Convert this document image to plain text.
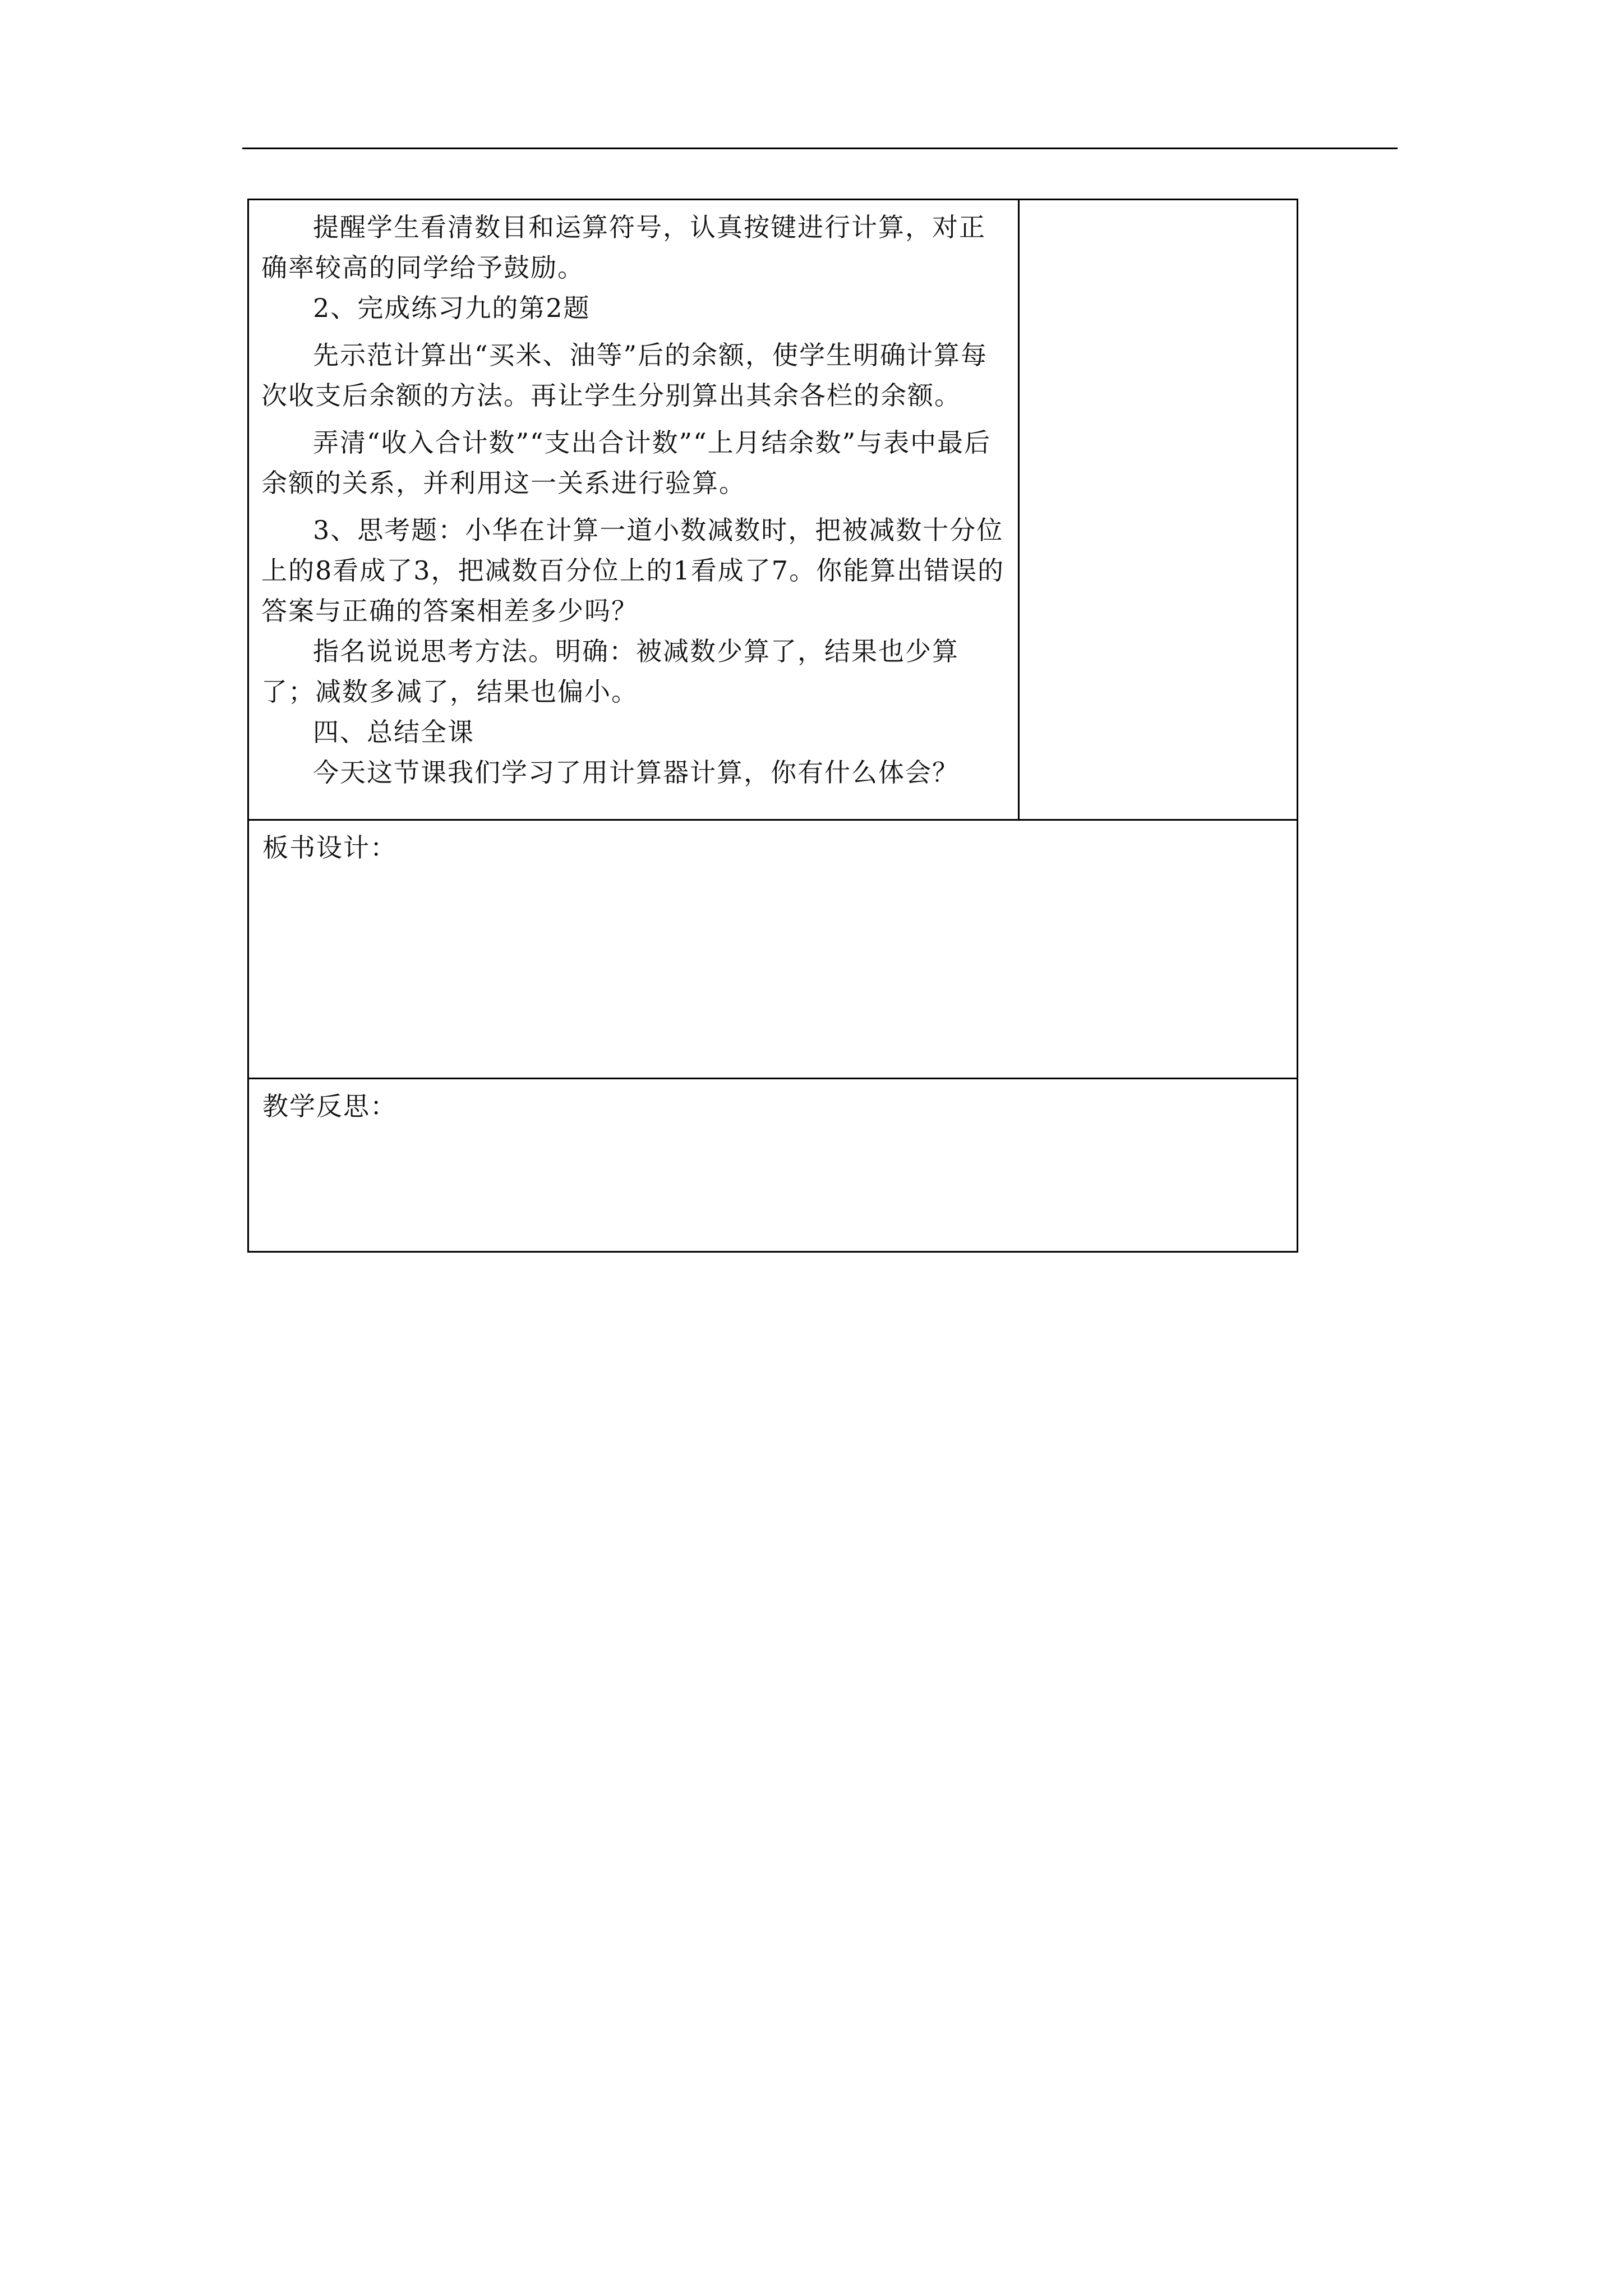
提醒学生看清数目和运算符号，认真按键进行计算，对正确率较高的同学给予鼓励。

2、完成练习九的第2题

先示范计算出“买米、油等”后的余额，使学生明确计算每次收支后余额的方法。再让学生分别算出其余各栏的余额。

弄清“收入合计数”“支出合计数”“上月结余数”与表中最后余额的关系，并利用这一关系进行验算。

3、思考题：小华在计算一道小数减数时，把被减数十分位上的8看成了3，把减数百分位上的1看成了7。你能算出错误的答案与正确的答案相差多少吗？

指名说说思考方法。明确：被减数少算了，结果也少算了；减数多减了，结果也偏小。

四、总结全课

今天这节课我们学习了用计算器计算，你有什么体会？

板书设计：

教学反思：
